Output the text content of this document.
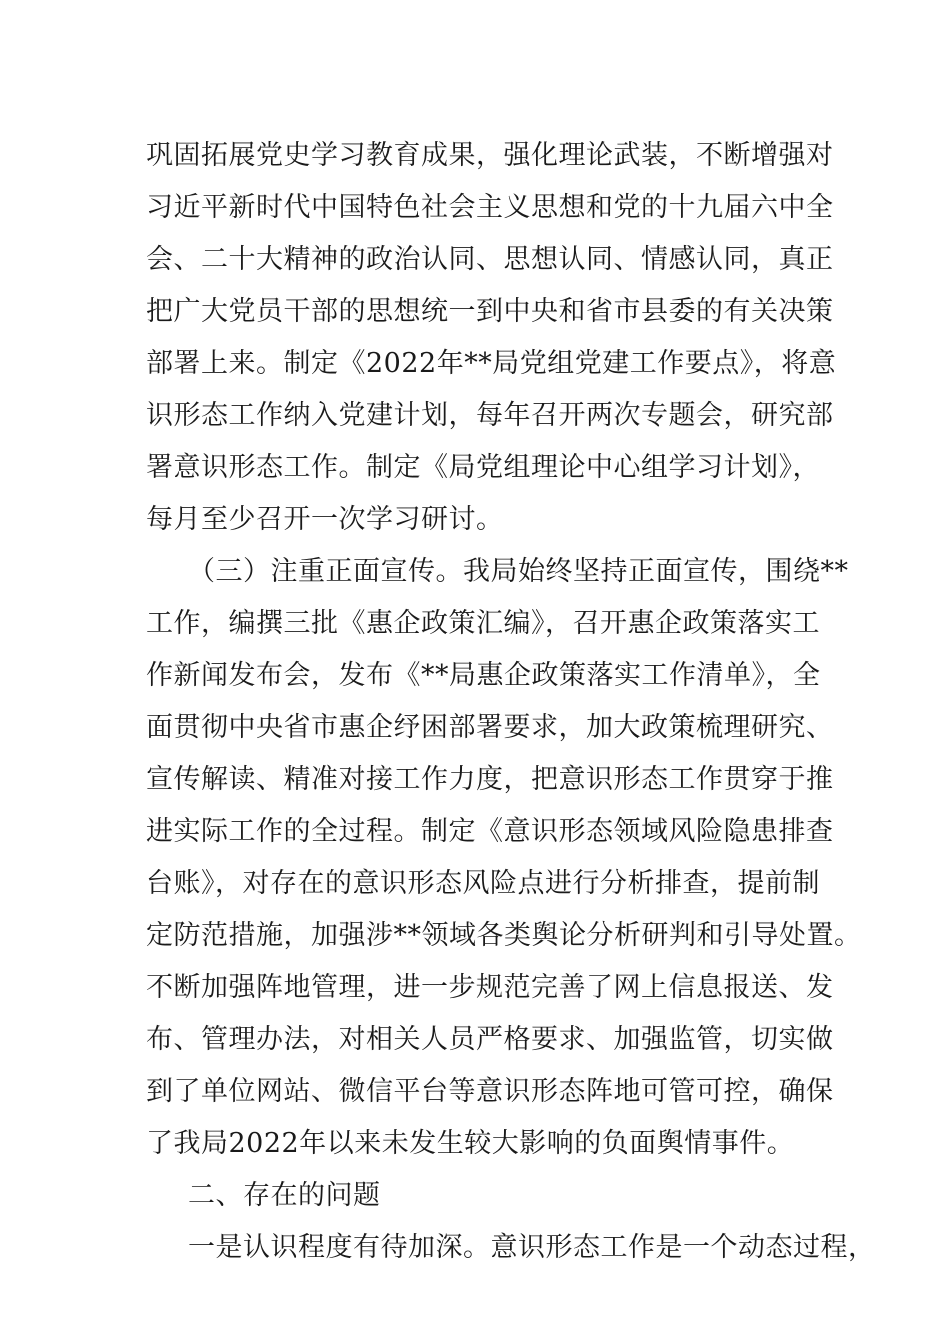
巩固拓展党史学习教育成果，强化理论武装，不断增强对
习近平新时代中国特色社会主义思想和党的十九届六中全
会、二十大精神的政治认同、思想认同、情感认同，真正
把广大党员干部的思想统一到中央和省市县委的有关决策
部署上来。制定《2022年**局党组党建工作要点》，将意
识形态工作纳入党建计划，每年召开两次专题会，研究部
署意识形态工作。制定《局党组理论中心组学习计划》，
每月至少召开一次学习研讨。
（三）注重正面宣传。我局始终坚持正面宣传，围绕**
工作，编撰三批《惠企政策汇编》，召开惠企政策落实工
作新闻发布会，发布《**局惠企政策落实工作清单》，全
面贯彻中央省市惠企纾困部署要求，加大政策梳理研究、
宣传解读、精准对接工作力度，把意识形态工作贯穿于推
进实际工作的全过程。制定《意识形态领域风险隐患排查
台账》，对存在的意识形态风险点进行分析排查，提前制
定防范措施，加强涉**领域各类舆论分析研判和引导处置。
不断加强阵地管理，进一步规范完善了网上信息报送、发
布、管理办法，对相关人员严格要求、加强监管，切实做
到了单位网站、微信平台等意识形态阵地可管可控，确保
了我局2022年以来未发生较大影响的负面舆情事件。
二、存在的问题
一是认识程度有待加深。意识形态工作是一个动态过程，
